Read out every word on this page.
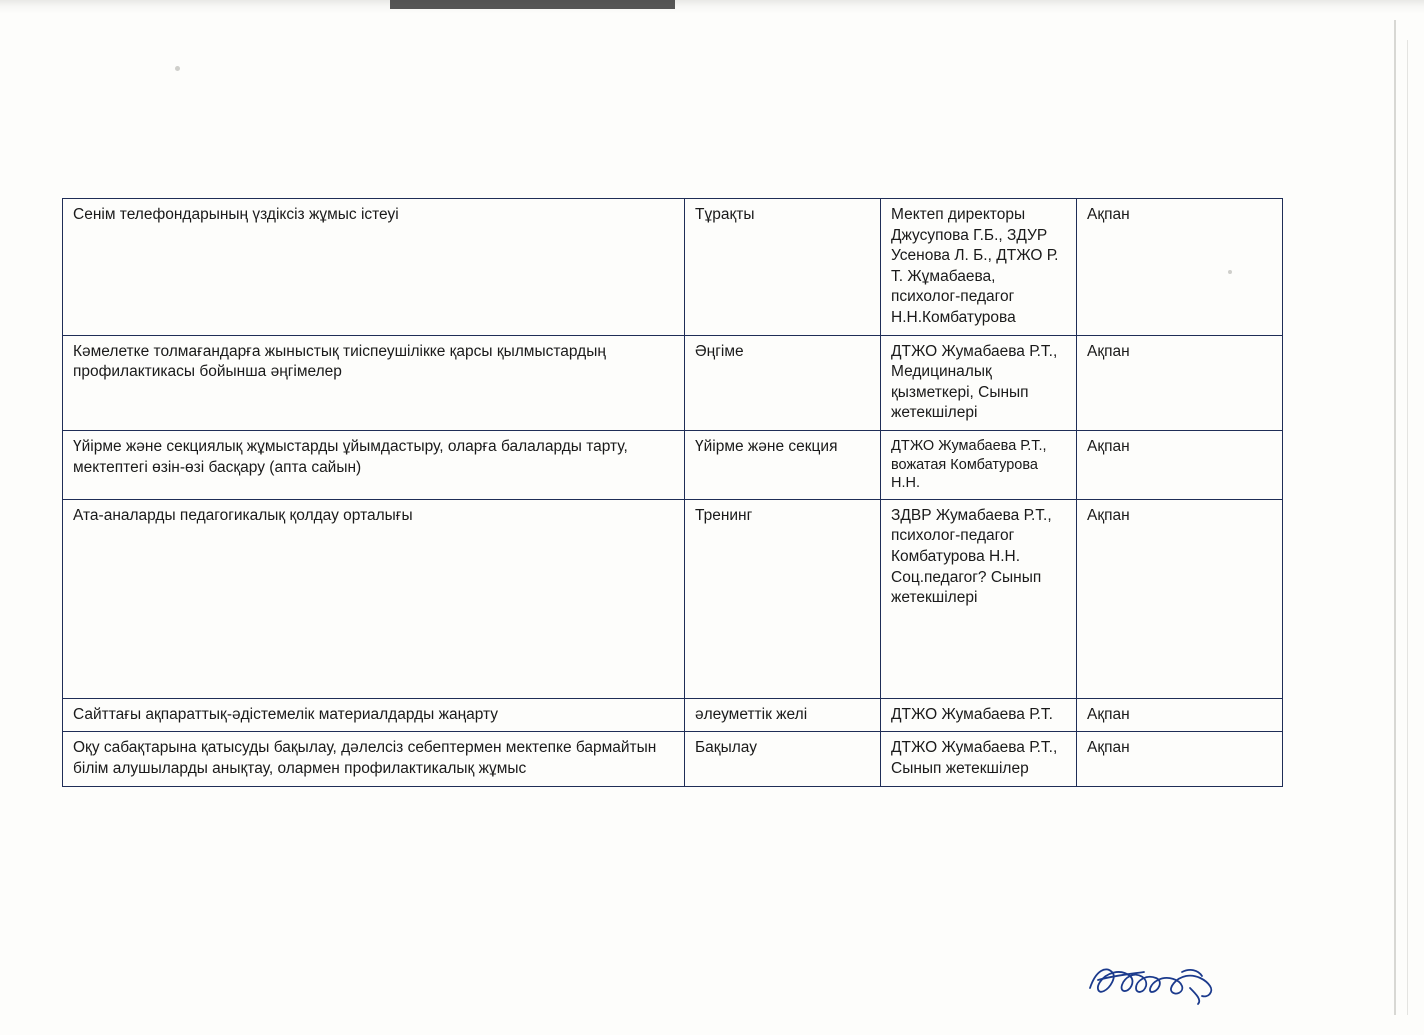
Сенім телефондарының үздіксіз жұмыс істеуі	Тұрақты	Мектеп директоры Джусупова Г.Б., ЗДУР Усенова Л. Б., ДТЖО Р. Т. Жұмабаева, психолог-педагог Н.Н.Комбатурова	Ақпан
Кәмелетке толмағандарға жыныстық тиіспеушілікке қарсы қылмыстардың профилактикасы бойынша әңгімелер	Әңгіме	ДТЖО Жумабаева Р.Т., Медициналық қызметкері, Сынып жетекшілері	Ақпан
Үйірме және секциялық жұмыстарды ұйымдастыру, оларға балаларды тарту, мектептегі өзін-өзі басқару (апта сайын)	Үйірме және секция	ДТЖО Жумабаева Р.Т., вожатая Комбатурова Н.Н.	Ақпан
Ата-аналарды педагогикалық қолдау орталығы	Тренинг	ЗДВР Жумабаева Р.Т., психолог-педагог Комбатурова Н.Н. Соц.педагог? Сынып жетекшілері	Ақпан
Сайттағы ақпараттық-әдістемелік материалдарды жаңарту	әлеуметтік желі	ДТЖО Жумабаева Р.Т.	Ақпан
Оқу сабақтарына қатысуды бақылау, дәлелсіз себептермен мектепке бармайтын білім алушыларды анықтау, олармен профилактикалық жұмыс	Бақылау	ДТЖО Жумабаева Р.Т., Сынып жетекшілер	Ақпан
